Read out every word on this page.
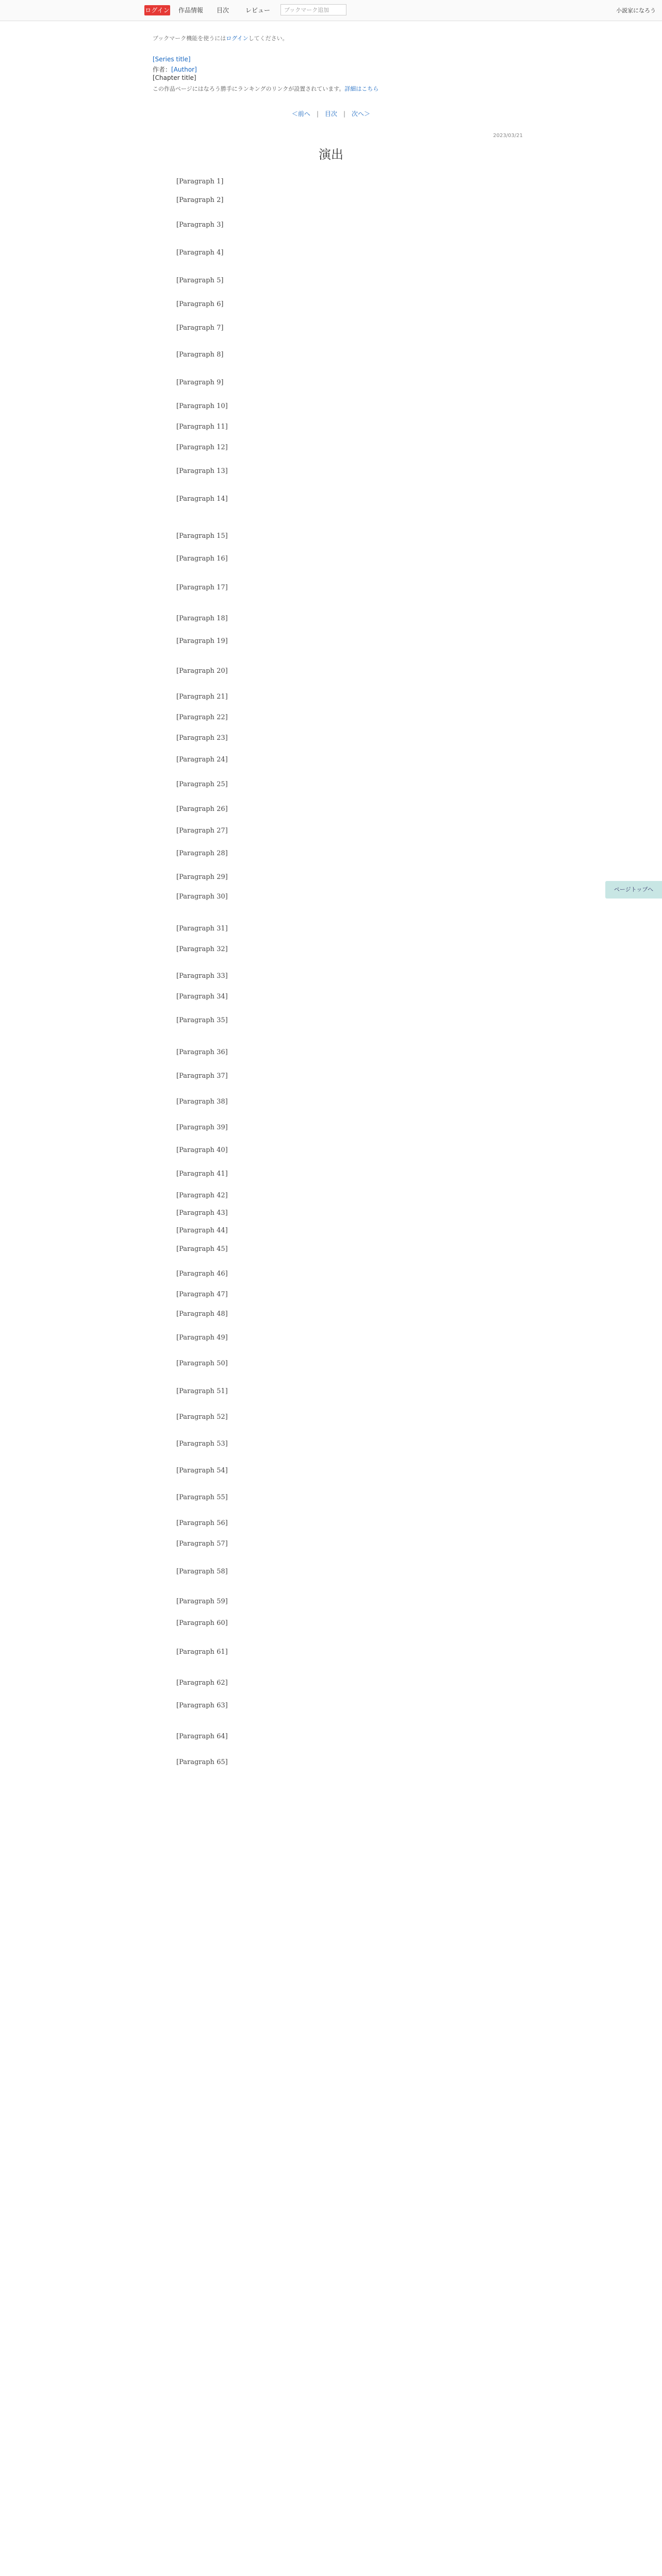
ログイン 作品情報 目次	レビュー	ブックマーク追加	小説家になろう
ブックマーク機能を使うにはログインしてください。
[Series title]
作者：[Author]
[Chapter title]
この作品ページにはなろう勝手にランキングのリンクが設置されています。詳細はこちら
＜前へ | 目次 | 次へ＞
2023/03/21
演出
[Paragraph 1]
[Paragraph 2]
[Paragraph 3]
[Paragraph 4]
[Paragraph 5]
[Paragraph 6]
[Paragraph 7]
[Paragraph 8]
[Paragraph 9]
[Paragraph 10]
[Paragraph 11]
[Paragraph 12]
[Paragraph 13]
[Paragraph 14]
[Paragraph 15]
[Paragraph 16]
[Paragraph 17]
[Paragraph 18]
[Paragraph 19]
[Paragraph 20]
[Paragraph 21]
[Paragraph 22]
[Paragraph 23]
[Paragraph 24]
[Paragraph 25]
[Paragraph 26]
[Paragraph 27]
[Paragraph 28]
[Paragraph 29]
[Paragraph 30]
[Paragraph 31]
[Paragraph 32]
[Paragraph 33]
[Paragraph 34]
[Paragraph 35]
[Paragraph 36]
[Paragraph 37]
[Paragraph 38]
[Paragraph 39]
[Paragraph 40]
[Paragraph 41]
[Paragraph 42]
[Paragraph 43]
[Paragraph 44]
[Paragraph 45]
[Paragraph 46]
[Paragraph 47]
[Paragraph 48]
[Paragraph 49]
[Paragraph 50]
[Paragraph 51]
[Paragraph 52]
[Paragraph 53]
[Paragraph 54]
[Paragraph 55]
[Paragraph 56]
[Paragraph 57]
[Paragraph 58]
[Paragraph 59]
[Paragraph 60]
[Paragraph 61]
[Paragraph 62]
[Paragraph 63]
[Paragraph 64]
[Paragraph 65]
ページトップへ
